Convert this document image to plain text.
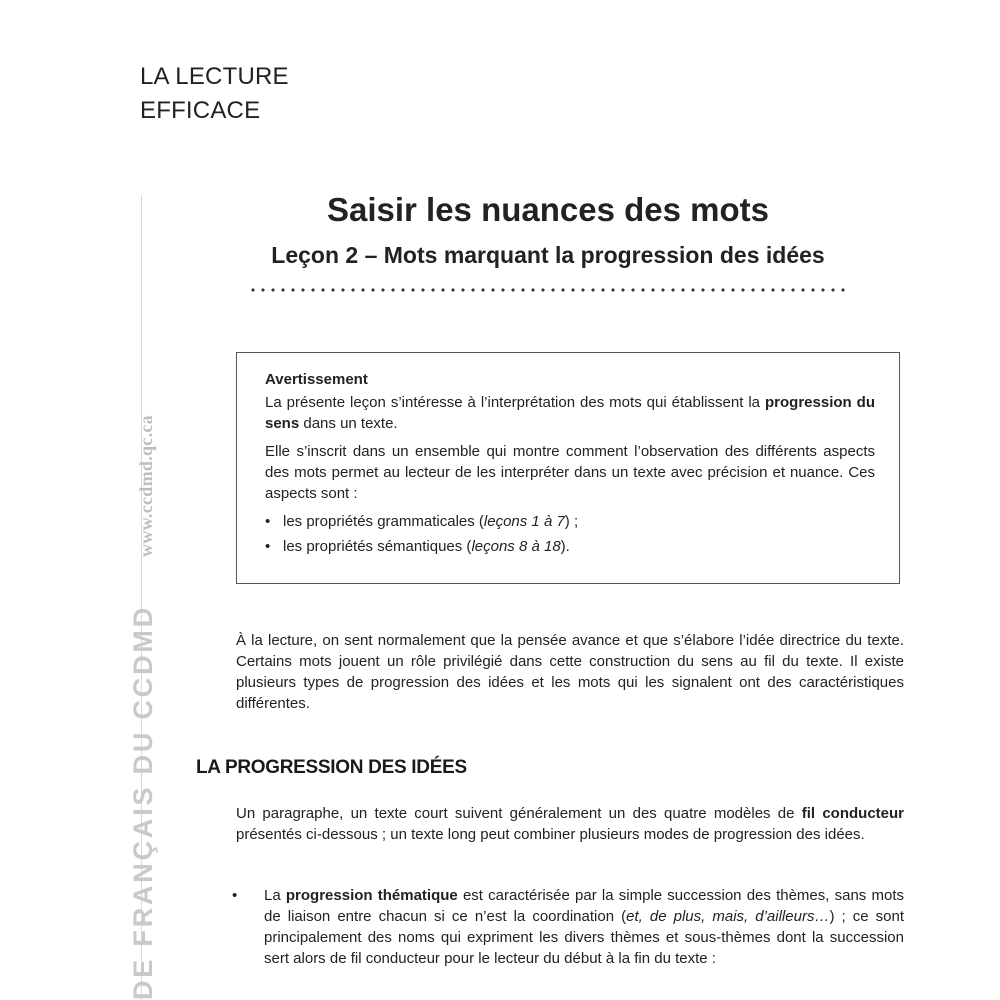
LA LECTURE
EFFICACE
DE FRANÇAIS DU CCDMD
www.ccdmd.qc.ca
Saisir les nuances des mots
Leçon 2 – Mots marquant la progression des idées
Avertissement

La présente leçon s’intéresse à l’interprétation des mots qui établissent la progression du sens dans un texte.

Elle s’inscrit dans un ensemble qui montre comment l’observation des différents aspects des mots permet au lecteur de les interpréter dans un texte avec précision et nuance. Ces aspects sont :

• les propriétés grammaticales (leçons 1 à 7) ;
• les propriétés sémantiques (leçons 8 à 18).

À la lecture, on sent normalement que la pensée avance et que s’élabore l’idée directrice du texte. Certains mots jouent un rôle privilégié dans cette construction du sens au fil du texte. Il existe plusieurs types de progression des idées et les mots qui les signalent ont des caractéristiques différentes.

LA PROGRESSION DES IDÉES

Un paragraphe, un texte court suivent généralement un des quatre modèles de fil conducteur présentés ci-dessous ; un texte long peut combiner plusieurs modes de progression des idées.

•	La progression thématique est caractérisée par la simple succession des thèmes, sans mots de liaison entre chacun si ce n’est la coordination (et, de plus, mais, d’ailleurs…) ; ce sont principalement des noms qui expriment les divers thèmes et sous-thèmes dont la succession sert alors de fil conducteur pour le lecteur du début à la fin du texte :
